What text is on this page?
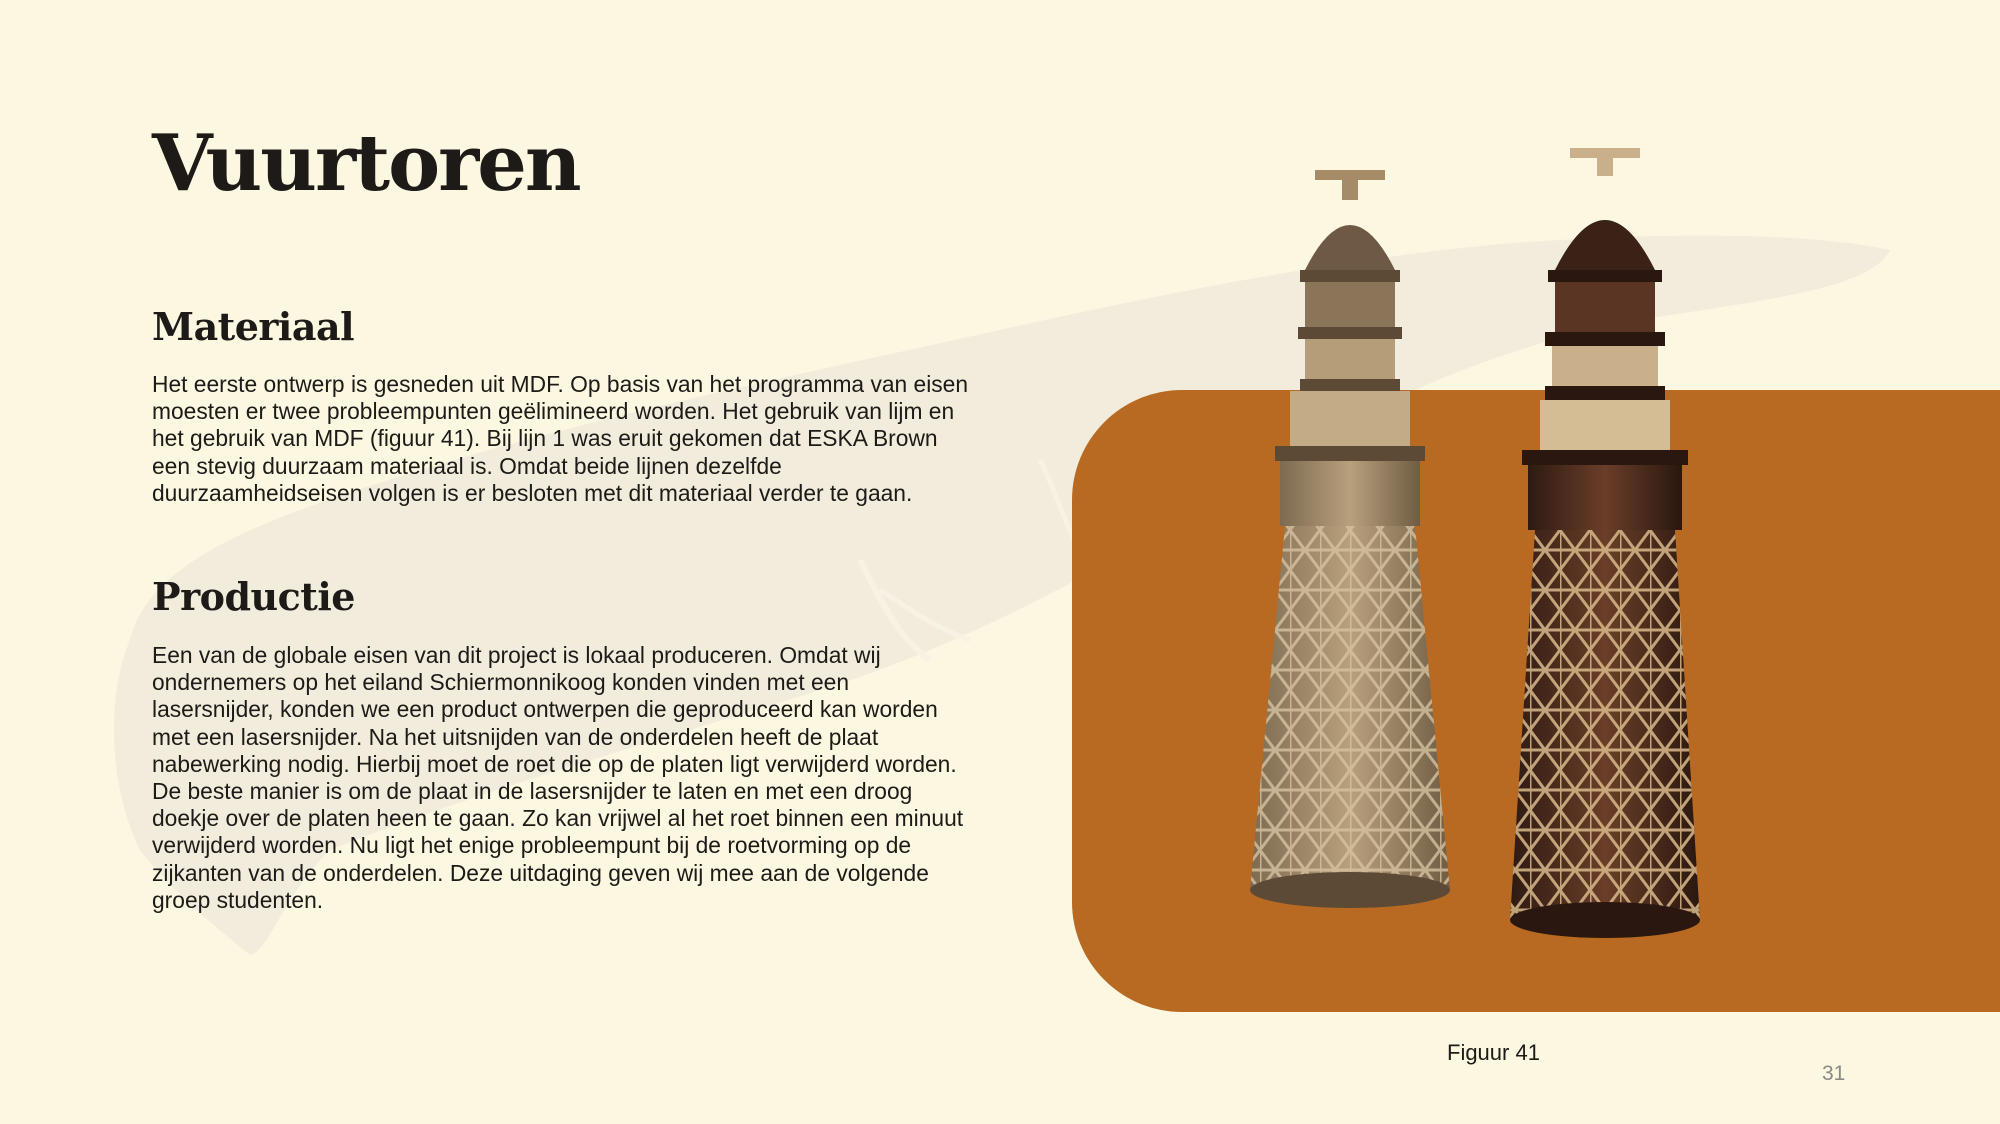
Vuurtoren
Materiaal

Het eerste ontwerp is gesneden uit MDF. Op basis van het programma van eisen moesten er twee probleempunten geëlimineerd worden. Het gebruik van lijm en het gebruik van MDF (figuur 41). Bij lijn 1 was eruit gekomen dat ESKA Brown een stevig duurzaam materiaal is. Omdat beide lijnen dezelfde duurzaamheidseisen volgen is er besloten met dit materiaal verder te gaan.

Productie

Een van de globale eisen van dit project is lokaal produceren. Omdat wij ondernemers op het eiland Schiermonnikoog konden vinden met een lasersnijder, konden we een product ontwerpen die geproduceerd kan worden met een lasersnijder. Na het uitsnijden van de onderdelen heeft de plaat nabewerking nodig. Hierbij moet de roet die op de platen ligt verwijderd worden. De beste manier is om de plaat in de lasersnijder te laten en met een droog doekje over de platen heen te gaan. Zo kan vrijwel al het roet binnen een minuut verwijderd worden. Nu ligt het enige probleempunt bij de roetvorming op de zijkanten van de onderdelen. Deze uitdaging geven wij mee aan de volgende groep studenten.

Figuur 41
31
